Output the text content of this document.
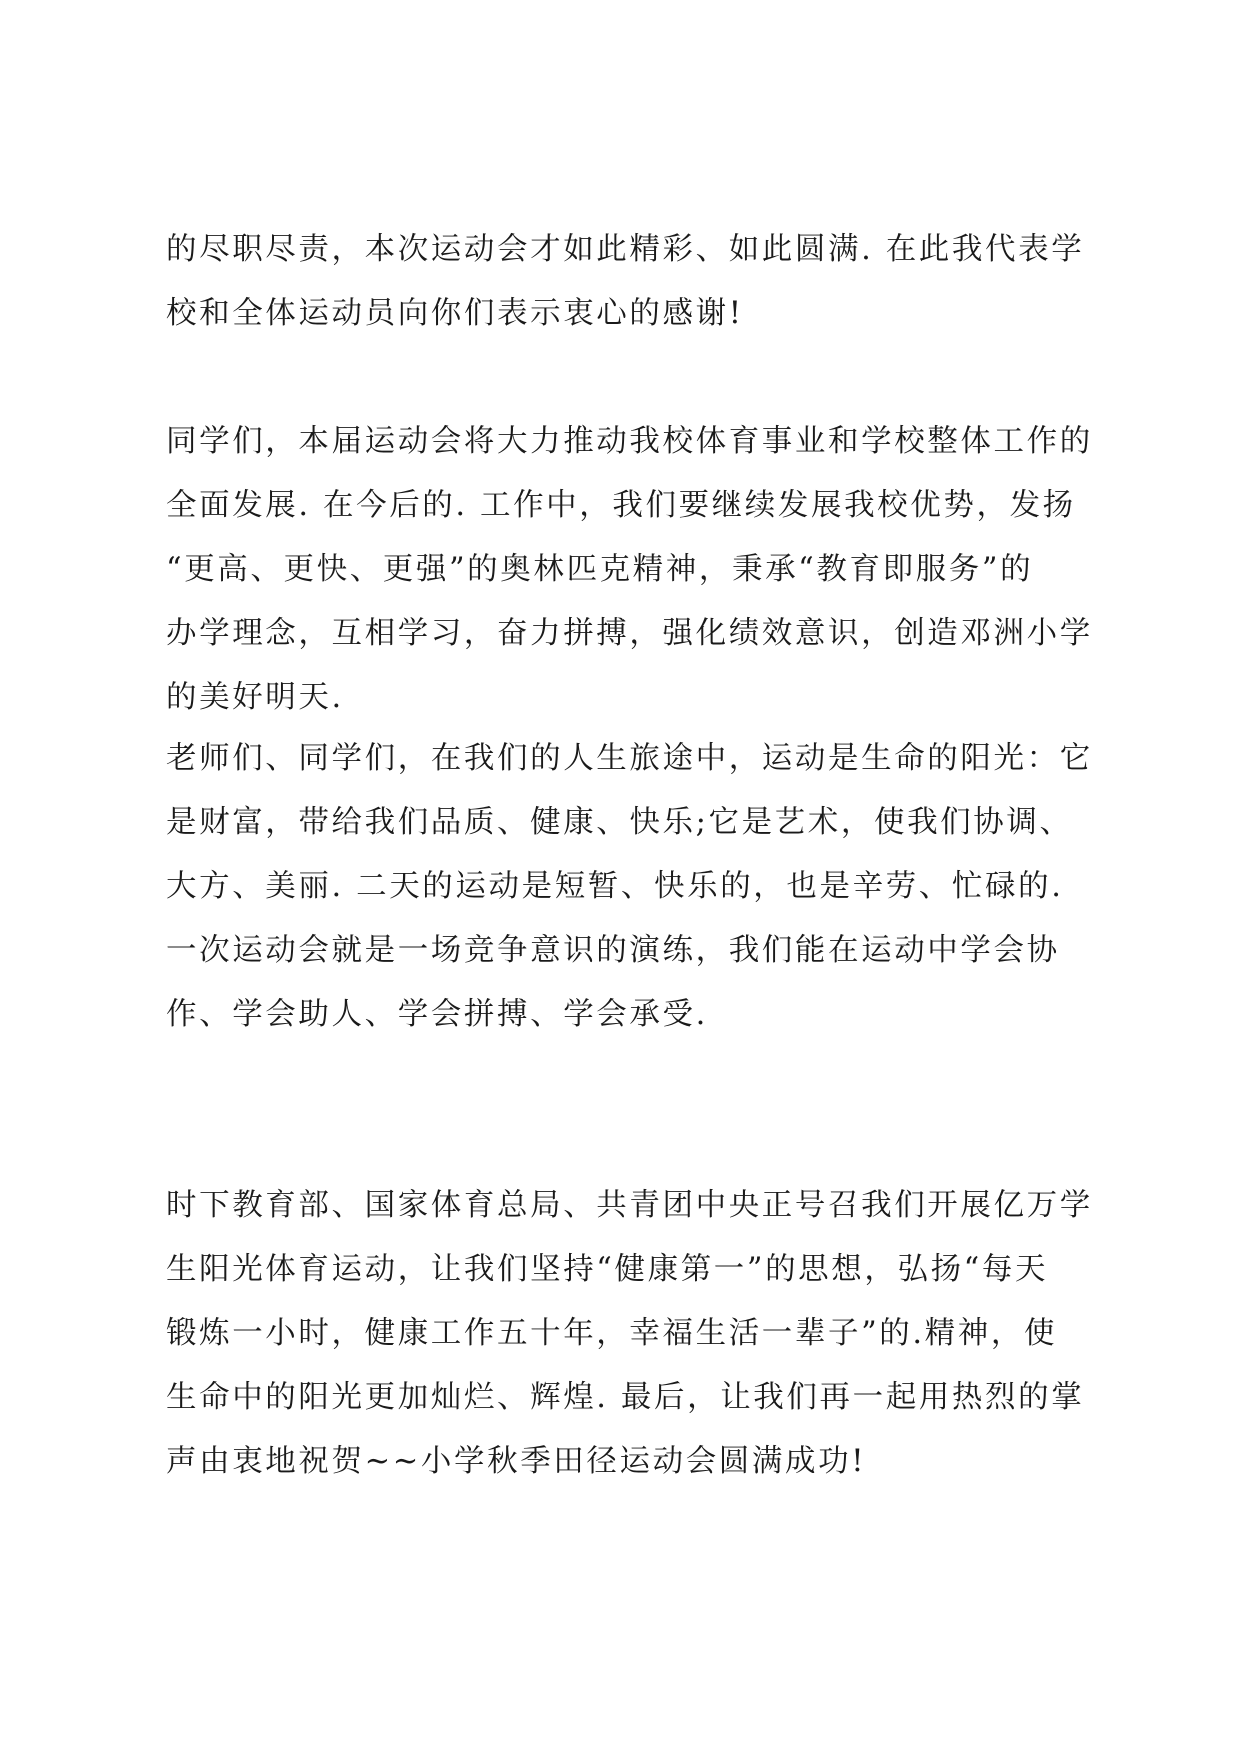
的尽职尽责，本次运动会才如此精彩、如此圆满. 在此我代表学
校和全体运动员向你们表示衷心的感谢!
同学们，本届运动会将大力推动我校体育事业和学校整体工作的
全面发展. 在今后的. 工作中，我们要继续发展我校优势，发扬
“更高、更快、更强”的奥林匹克精神，秉承“教育即服务”的
办学理念，互相学习，奋力拼搏，强化绩效意识，创造邓洲小学
的美好明天.
老师们、同学们，在我们的人生旅途中，运动是生命的阳光：它
是财富，带给我们品质、健康、快乐;它是艺术，使我们协调、
大方、美丽. 二天的运动是短暂、快乐的，也是辛劳、忙碌的.
一次运动会就是一场竞争意识的演练，我们能在运动中学会协
作、学会助人、学会拼搏、学会承受.
时下教育部、国家体育总局、共青团中央正号召我们开展亿万学
生阳光体育运动，让我们坚持“健康第一”的思想，弘扬“每天
锻炼一小时，健康工作五十年，幸福生活一辈子”的.精神，使
生命中的阳光更加灿烂、辉煌. 最后，让我们再一起用热烈的掌
声由衷地祝贺~~小学秋季田径运动会圆满成功!
